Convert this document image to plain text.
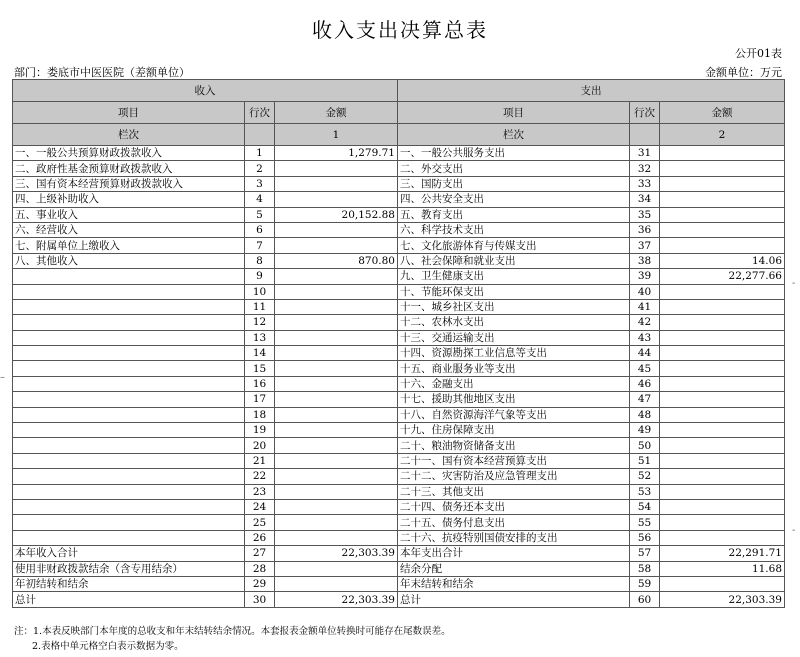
收入支出决算总表
公开01表
部门：娄底市中医医院（差额单位）	金额单位：万元
收入			支出		
项目	行次	金额	项目	行次	金额
栏次		1	栏次		2
一、一般公共预算财政拨款收入	1	1,279.71	一、一般公共服务支出	31	
二、政府性基金预算财政拨款收入	2		二、外交支出	32	
三、国有资本经营预算财政拨款收入	3		三、国防支出	33	
四、上级补助收入	4		四、公共安全支出	34	
五、事业收入	5	20,152.88	五、教育支出	35	
六、经营收入	6		六、科学技术支出	36	
七、附属单位上缴收入	7		七、文化旅游体育与传媒支出	37	
八、其他收入	8	870.80	八、社会保障和就业支出	38	14.06
	9		九、卫生健康支出	39	22,277.66
	10		十、节能环保支出	40	
	11		十一、城乡社区支出	41	
	12		十二、农林水支出	42	
	13		十三、交通运输支出	43	
	14		十四、资源勘探工业信息等支出	44	
	15		十五、商业服务业等支出	45	
	16		十六、金融支出	46	
	17		十七、援助其他地区支出	47	
	18		十八、自然资源海洋气象等支出	48	
	19		十九、住房保障支出	49	
	20		二十、粮油物资储备支出	50	
	21		二十一、国有资本经营预算支出	51	
	22		二十二、灾害防治及应急管理支出	52	
	23		二十三、其他支出	53	
	24		二十四、债务还本支出	54	
	25		二十五、债务付息支出	55	
	26		二十六、抗疫特别国债安排的支出	56	
本年收入合计	27	22,303.39	本年支出合计	57	22,291.71
使用非财政拨款结余（含专用结余）	28		结余分配	58	11.68
年初结转和结余	29		年末结转和结余	59	
总计	30	22,303.39	总计	60	22,303.39
注：1.本表反映部门本年度的总收支和年末结转结余情况。本套报表金额单位转换时可能存在尾数误差。
2.表格中单元格空白表示数据为零。
–
-
-
